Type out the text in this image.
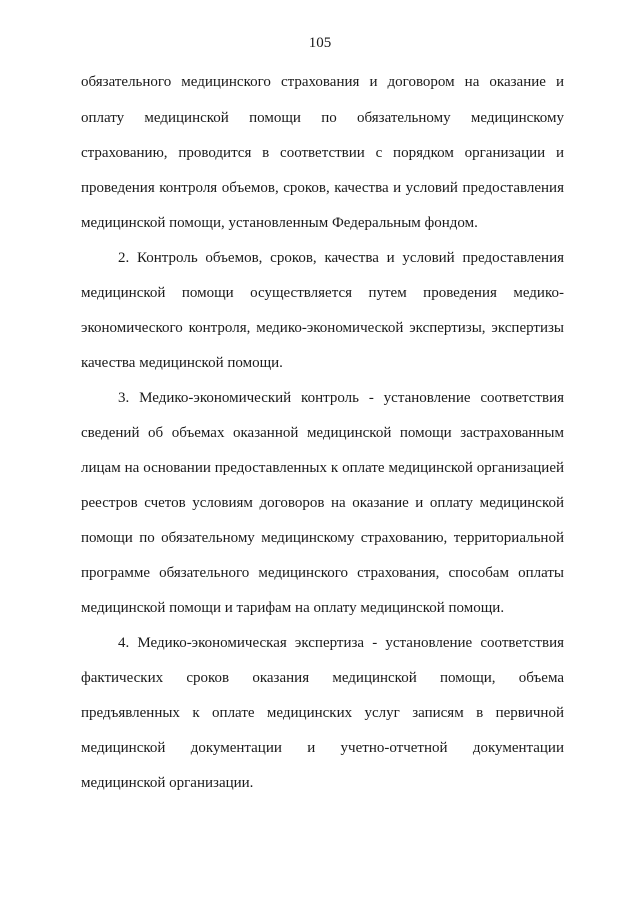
105
обязательного медицинского страхования и договором на оказание и
оплату медицинской помощи по обязательному медицинскому
страхованию, проводится в соответствии с порядком организации и
проведения контроля объемов, сроков, качества и условий предоставления
медицинской помощи, установленным Федеральным фондом.
2. Контроль объемов, сроков, качества и условий предоставления
медицинской помощи осуществляется путем проведения медико-
экономического контроля, медико-экономической экспертизы, экспертизы
качества медицинской помощи.
3. Медико-экономический контроль - установление соответствия
сведений об объемах оказанной медицинской помощи застрахованным
лицам на основании предоставленных к оплате медицинской организацией
реестров счетов условиям договоров на оказание и оплату медицинской
помощи по обязательному медицинскому страхованию, территориальной
программе обязательного медицинского страхования, способам оплаты
медицинской помощи и тарифам на оплату медицинской помощи.
4. Медико-экономическая экспертиза - установление соответствия
фактических сроков оказания медицинской помощи, объема
предъявленных к оплате медицинских услуг записям в первичной
медицинской документации и учетно-отчетной документации
медицинской организации.
